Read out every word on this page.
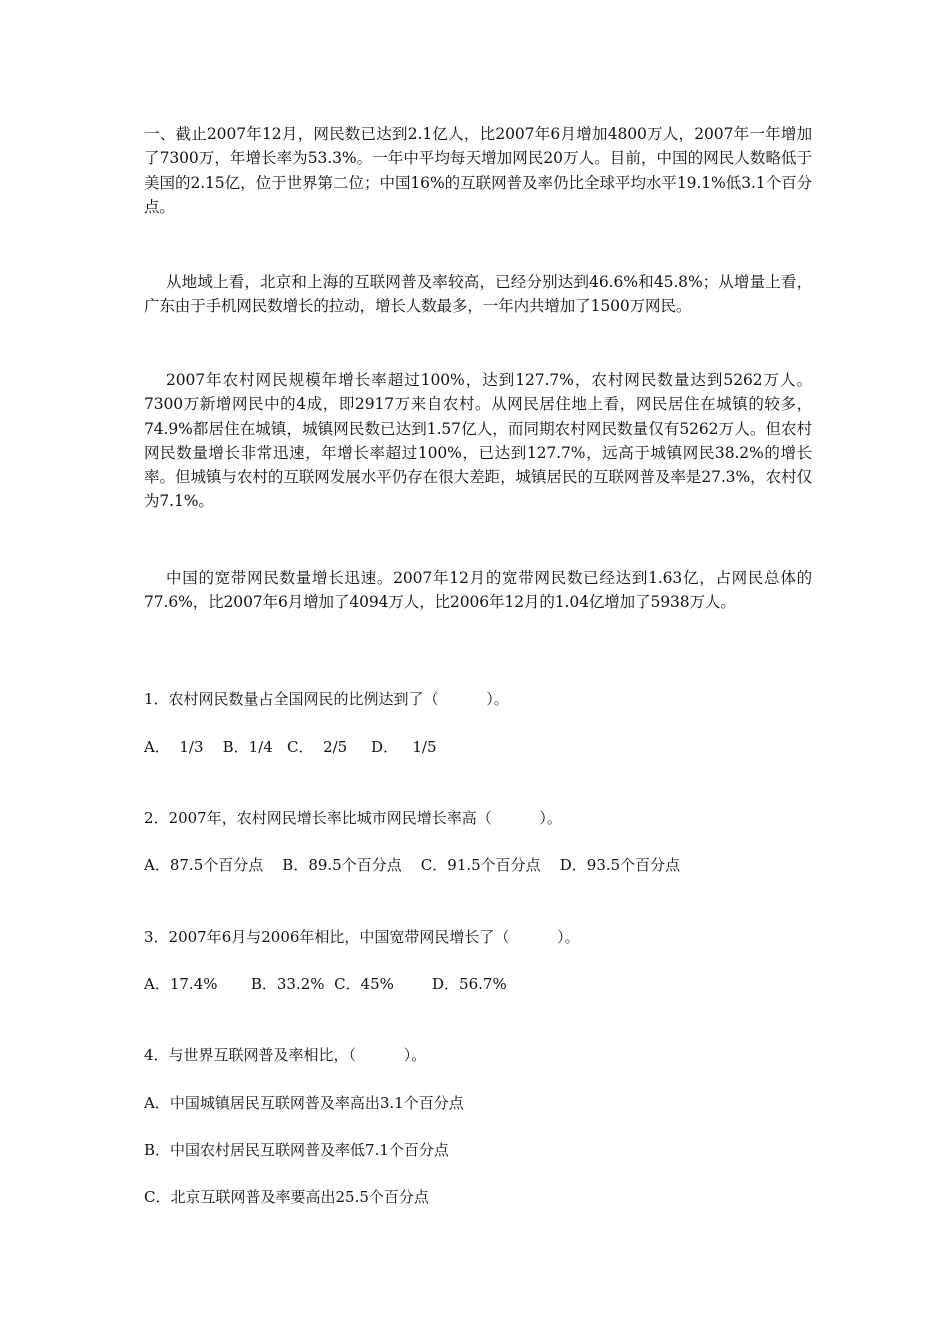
一、截止2007年12月，网民数已达到2.1亿人，比2007年6月增加4800万人，2007年一年增加了7300万，年增长率为53.3%。一年中平均每天增加网民20万人。目前，中国的网民人数略低于美国的2.15亿，位于世界第二位；中国16%的互联网普及率仍比全球平均水平19.1%低3.1个百分点。

从地域上看，北京和上海的互联网普及率较高，已经分别达到46.6%和45.8%；从增量上看，广东由于手机网民数增长的拉动，增长人数最多，一年内共增加了1500万网民。

2007年农村网民规模年增长率超过100%，达到127.7%，农村网民数量达到5262万人。7300万新增网民中的4成，即2917万来自农村。从网民居住地上看，网民居住在城镇的较多，74.9%都居住在城镇，城镇网民数已达到1.57亿人，而同期农村网民数量仅有5262万人。但农村网民数量增长非常迅速，年增长率超过100%，已达到127.7%，远高于城镇网民38.2%的增长率。但城镇与农村的互联网发展水平仍存在很大差距，城镇居民的互联网普及率是27.3%，农村仅为7.1%。

中国的宽带网民数量增长迅速。2007年12月的宽带网民数已经达到1.63亿，占网民总体的77.6%，比2007年6月增加了4094万人，比2006年12月的1.04亿增加了5938万人。

1．农村网民数量占全国网民的比例达到了（          ）。

A．  1/3    B．1/4   C．  2/5     D．   1/5

2．2007年，农村网民增长率比城市网民增长率高（          ）。

A．87.5个百分点    B．89.5个百分点    C．91.5个百分点    D．93.5个百分点

3．2007年6月与2006年相比，中国宽带网民增长了（          ）。

A．17.4%       B．33.2%  C．45%        D．56.7%

4．与世界互联网普及率相比，（          ）。

A．中国城镇居民互联网普及率高出3.1个百分点

B．中国农村居民互联网普及率低7.1个百分点

C．北京互联网普及率要高出25.5个百分点
